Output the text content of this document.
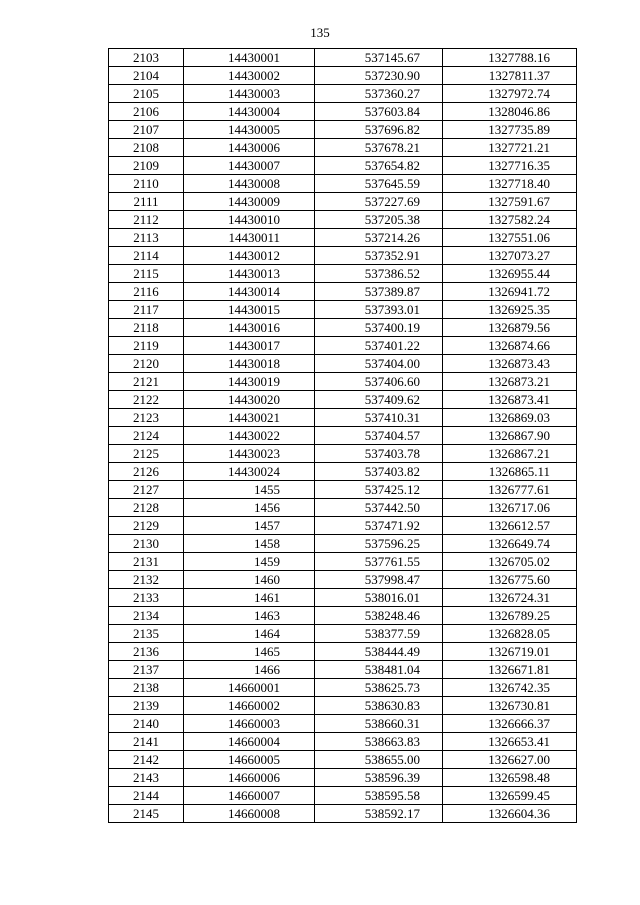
135
2103	14430001	537145.67	1327788.16
2104	14430002	537230.90	1327811.37
2105	14430003	537360.27	1327972.74
2106	14430004	537603.84	1328046.86
2107	14430005	537696.82	1327735.89
2108	14430006	537678.21	1327721.21
2109	14430007	537654.82	1327716.35
2110	14430008	537645.59	1327718.40
2111	14430009	537227.69	1327591.67
2112	14430010	537205.38	1327582.24
2113	14430011	537214.26	1327551.06
2114	14430012	537352.91	1327073.27
2115	14430013	537386.52	1326955.44
2116	14430014	537389.87	1326941.72
2117	14430015	537393.01	1326925.35
2118	14430016	537400.19	1326879.56
2119	14430017	537401.22	1326874.66
2120	14430018	537404.00	1326873.43
2121	14430019	537406.60	1326873.21
2122	14430020	537409.62	1326873.41
2123	14430021	537410.31	1326869.03
2124	14430022	537404.57	1326867.90
2125	14430023	537403.78	1326867.21
2126	14430024	537403.82	1326865.11
2127	1455	537425.12	1326777.61
2128	1456	537442.50	1326717.06
2129	1457	537471.92	1326612.57
2130	1458	537596.25	1326649.74
2131	1459	537761.55	1326705.02
2132	1460	537998.47	1326775.60
2133	1461	538016.01	1326724.31
2134	1463	538248.46	1326789.25
2135	1464	538377.59	1326828.05
2136	1465	538444.49	1326719.01
2137	1466	538481.04	1326671.81
2138	14660001	538625.73	1326742.35
2139	14660002	538630.83	1326730.81
2140	14660003	538660.31	1326666.37
2141	14660004	538663.83	1326653.41
2142	14660005	538655.00	1326627.00
2143	14660006	538596.39	1326598.48
2144	14660007	538595.58	1326599.45
2145	14660008	538592.17	1326604.36
